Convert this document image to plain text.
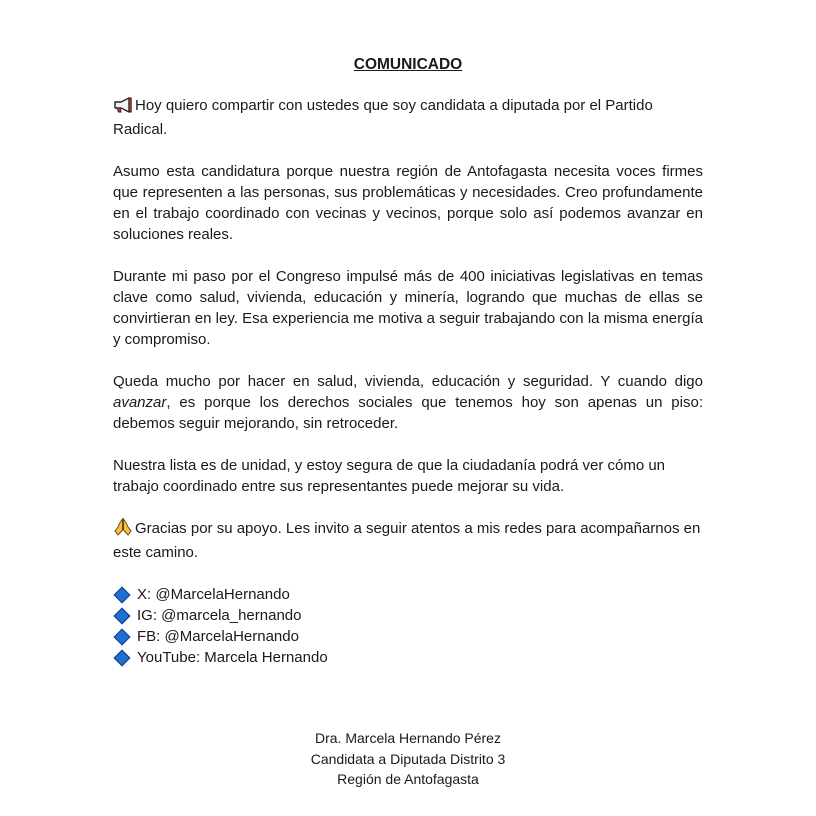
COMUNICADO

Hoy quiero compartir con ustedes que soy candidata a diputada por el Partido Radical.

Asumo esta candidatura porque nuestra región de Antofagasta necesita voces firmes que representen a las personas, sus problemáticas y necesidades. Creo profundamente en el trabajo coordinado con vecinas y vecinos, porque solo así podemos avanzar en soluciones reales.

Durante mi paso por el Congreso impulsé más de 400 iniciativas legislativas en temas clave como salud, vivienda, educación y minería, logrando que muchas de ellas se convirtieran en ley. Esa experiencia me motiva a seguir trabajando con la misma energía y compromiso.

Queda mucho por hacer en salud, vivienda, educación y seguridad. Y cuando digo avanzar, es porque los derechos sociales que tenemos hoy son apenas un piso: debemos seguir mejorando, sin retroceder.

Nuestra lista es de unidad, y estoy segura de que la ciudadanía podrá ver cómo un trabajo coordinado entre sus representantes puede mejorar su vida.

Gracias por su apoyo. Les invito a seguir atentos a mis redes para acompañarnos en este camino.

X: @MarcelaHernando
IG: @marcela_hernando
FB: @MarcelaHernando
YouTube: Marcela Hernando
Dra. Marcela Hernando Pérez
Candidata a Diputada Distrito 3
Región de Antofagasta
